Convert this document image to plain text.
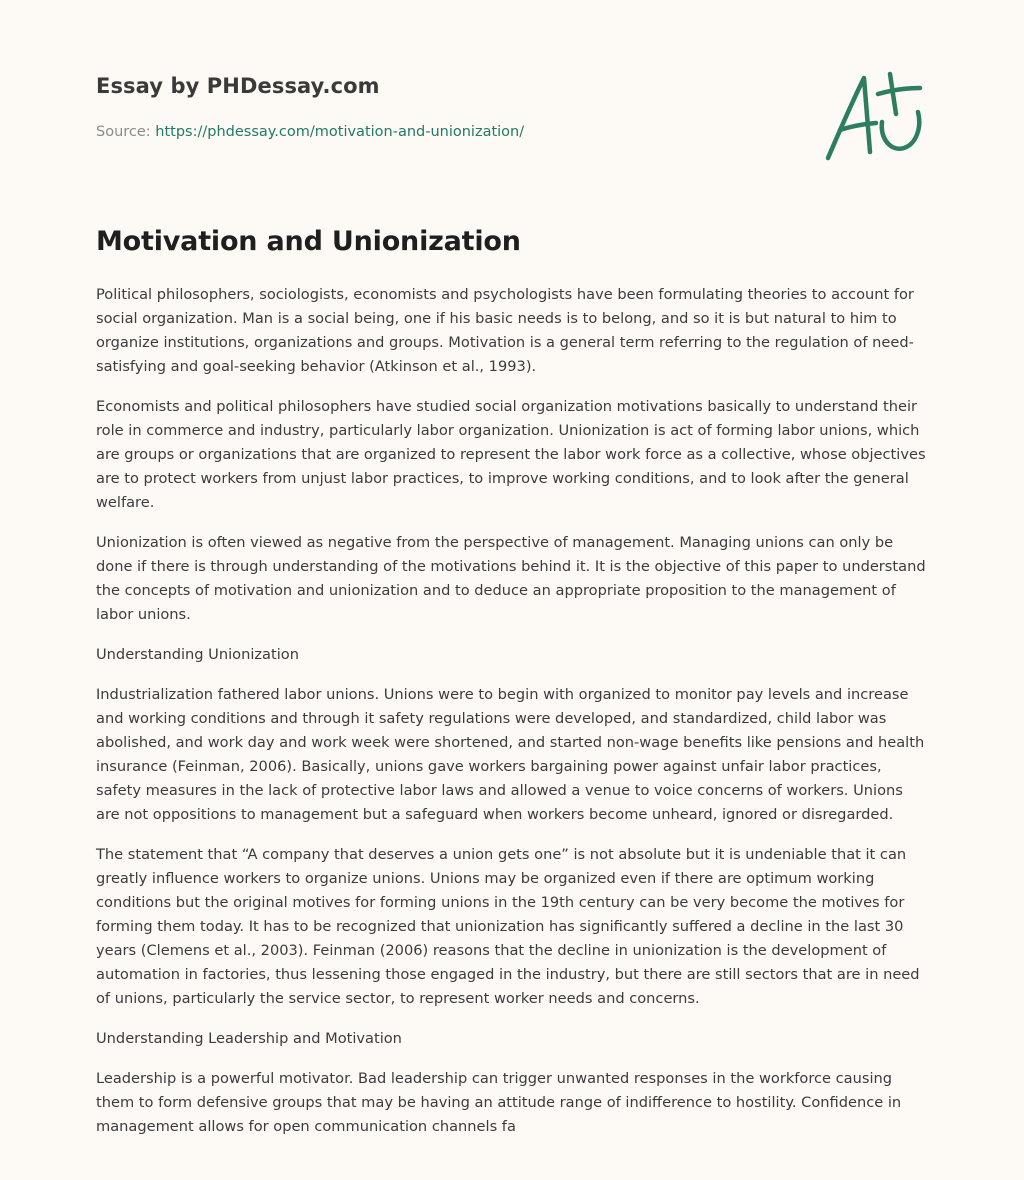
Essay by PHDessay.com

Source: https://phdessay.com/motivation-and-unionization/
Motivation and Unionization

Political philosophers, sociologists, economists and psychologists have been formulating theories to account for social organization. Man is a social being, one if his basic needs is to belong, and so it is but natural to him to organize institutions, organizations and groups. Motivation is a general term referring to the regulation of need-satisfying and goal-seeking behavior (Atkinson et al., 1993).

Economists and political philosophers have studied social organization motivations basically to understand their role in commerce and industry, particularly labor organization. Unionization is act of forming labor unions, which are groups or organizations that are organized to represent the labor work force as a collective, whose objectives are to protect workers from unjust labor practices, to improve working conditions, and to look after the general welfare.

Unionization is often viewed as negative from the perspective of management. Managing unions can only be done if there is through understanding of the motivations behind it. It is the objective of this paper to understand the concepts of motivation and unionization and to deduce an appropriate proposition to the management of labor unions.

Understanding Unionization

Industrialization fathered labor unions. Unions were to begin with organized to monitor pay levels and increase and working conditions and through it safety regulations were developed, and standardized, child labor was abolished, and work day and work week were shortened, and started non-wage benefits like pensions and health insurance (Feinman, 2006). Basically, unions gave workers bargaining power against unfair labor practices, safety measures in the lack of protective labor laws and allowed a venue to voice concerns of workers. Unions are not oppositions to management but a safeguard when workers become unheard, ignored or disregarded.

The statement that “A company that deserves a union gets one” is not absolute but it is undeniable that it can greatly influence workers to organize unions. Unions may be organized even if there are optimum working conditions but the original motives for forming unions in the 19th century can be very become the motives for forming them today. It has to be recognized that unionization has significantly suffered a decline in the last 30 years (Clemens et al., 2003). Feinman (2006) reasons that the decline in unionization is the development of automation in factories, thus lessening those engaged in the industry, but there are still sectors that are in need of unions, particularly the service sector, to represent worker needs and concerns.

Understanding Leadership and Motivation

Leadership is a powerful motivator. Bad leadership can trigger unwanted responses in the workforce causing them to form defensive groups that may be having an attitude range of indifference to hostility. Confidence in management allows for open communication channels fa
